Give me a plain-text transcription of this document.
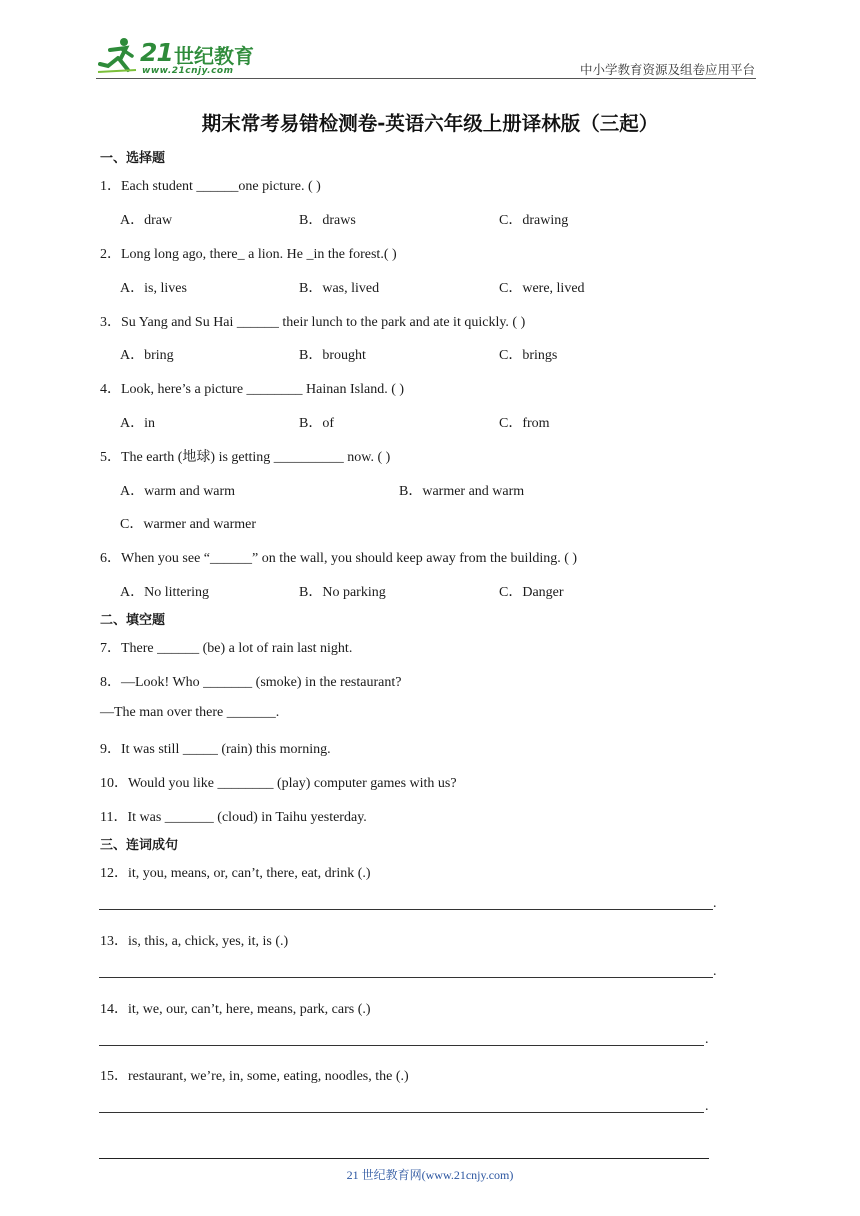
21 世纪教育
www.21cnjy.com	中小学教育资源及组卷应用平台
期末常考易错检测卷-英语六年级上册译林版（三起）
一、选择题
1．Each student ______one picture. ( )
A．draw	B．draws	C．drawing
2．Long long ago, there_ a lion. He _in the forest.( )
A．is, lives	B．was, lived	C．were, lived
3．Su Yang and Su Hai ______ their lunch to the park and ate it quickly. ( )
A．bring	B．brought	C．brings
4．Look, here’s a picture ________ Hainan Island. ( )
A．in	B．of	C．from
5．The earth (地球) is getting __________ now. ( )
A．warm and warm	B．warmer and warm
C．warmer and warmer
6．When you see “______” on the wall, you should keep away from the building. ( )
A．No littering	B．No parking	C．Danger
二、填空题
7．There ______ (be) a lot of rain last night.
8．—Look! Who _______ (smoke) in the restaurant?
—The man over there _______.
9．It was still _____ (rain) this morning.
10．Would you like ________ (play) computer games with us?
11．It was _______ (cloud) in Taihu yesterday.
三、连词成句
12．it, you, means, or, can’t, there, eat, drink (.)
.
13．is, this, a, chick, yes, it, is (.)
.
14．it, we, our, can’t, here, means, park, cars (.)
.
15．restaurant, we’re, in, some, eating, noodles, the (.)
.
21 世纪教育网(www.21cnjy.com)
